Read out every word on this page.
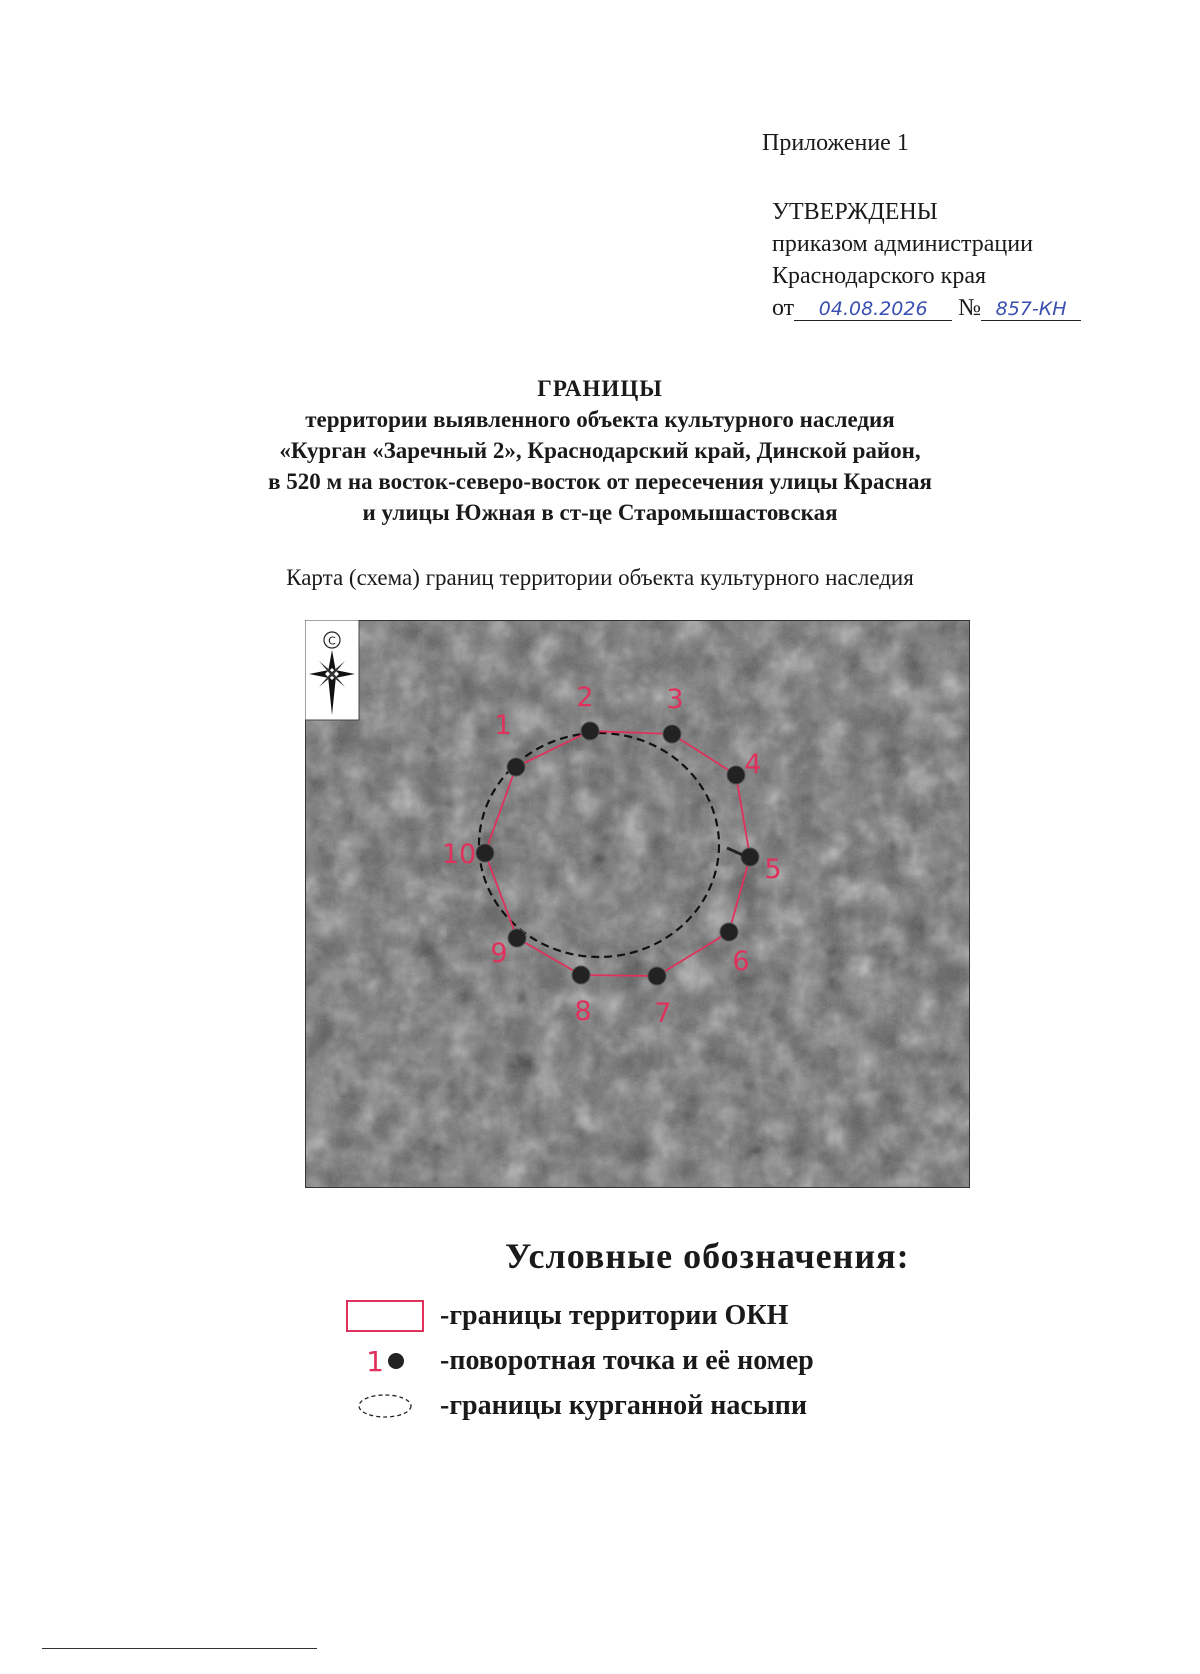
Приложение 1
УТВЕРЖДЕНЫ
приказом администрации
Краснодарского края
от 04.08.2026 № 857-КН
ГРАНИЦЫ
территории выявленного объекта культурного наследия
«Курган «Заречный 2», Краснодарский край, Динской район,
в 520 м на восток-северо-восток от пересечения улицы Красная
и улицы Южная в ст-це Старомышастовская
Карта (схема) границ территории объекта культурного наследия
С
1
2	3
4
5
6
7
8
9
10
Условные обозначения:
-границы территории ОКН
1 -поворотная точка и её номер
-границы курганной насыпи
